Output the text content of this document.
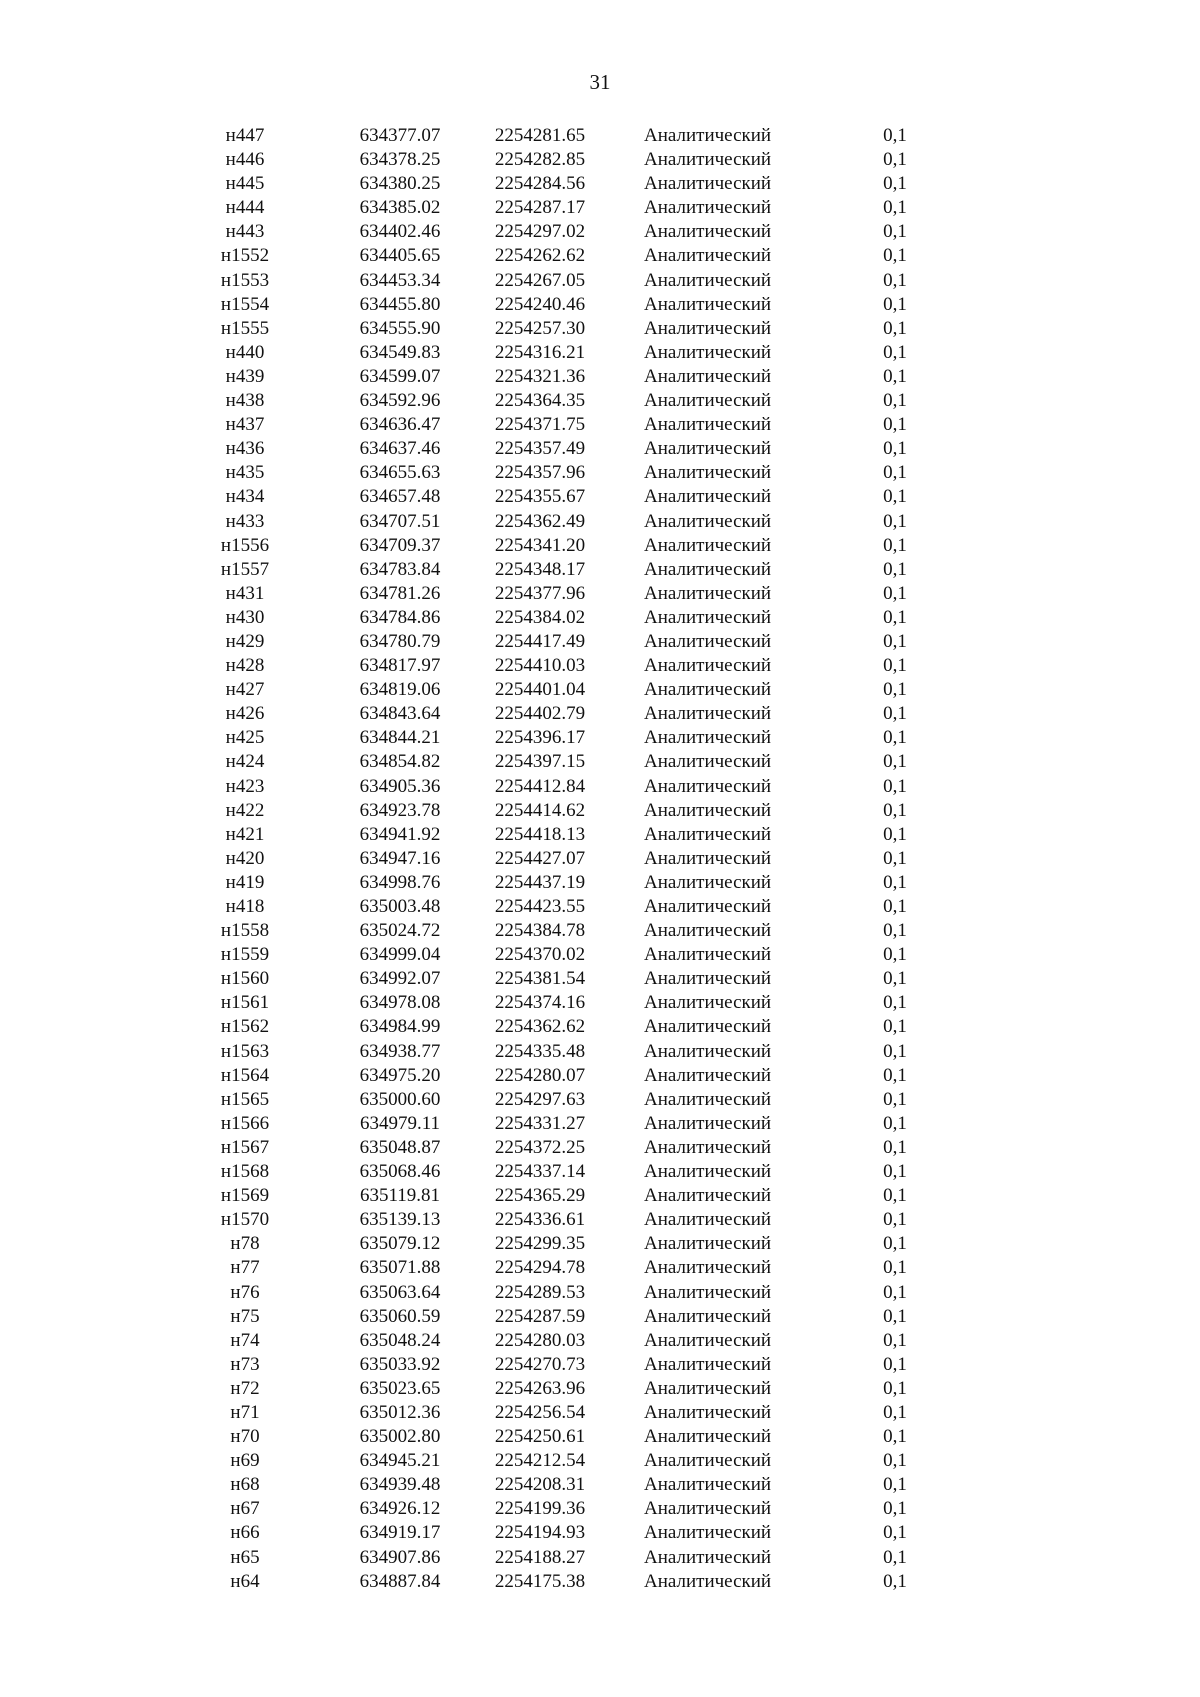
31
н447	634377.07	2254281.65	Аналитический	0,1
н446	634378.25	2254282.85	Аналитический	0,1
н445	634380.25	2254284.56	Аналитический	0,1
н444	634385.02	2254287.17	Аналитический	0,1
н443	634402.46	2254297.02	Аналитический	0,1
н1552	634405.65	2254262.62	Аналитический	0,1
н1553	634453.34	2254267.05	Аналитический	0,1
н1554	634455.80	2254240.46	Аналитический	0,1
н1555	634555.90	2254257.30	Аналитический	0,1
н440	634549.83	2254316.21	Аналитический	0,1
н439	634599.07	2254321.36	Аналитический	0,1
н438	634592.96	2254364.35	Аналитический	0,1
н437	634636.47	2254371.75	Аналитический	0,1
н436	634637.46	2254357.49	Аналитический	0,1
н435	634655.63	2254357.96	Аналитический	0,1
н434	634657.48	2254355.67	Аналитический	0,1
н433	634707.51	2254362.49	Аналитический	0,1
н1556	634709.37	2254341.20	Аналитический	0,1
н1557	634783.84	2254348.17	Аналитический	0,1
н431	634781.26	2254377.96	Аналитический	0,1
н430	634784.86	2254384.02	Аналитический	0,1
н429	634780.79	2254417.49	Аналитический	0,1
н428	634817.97	2254410.03	Аналитический	0,1
н427	634819.06	2254401.04	Аналитический	0,1
н426	634843.64	2254402.79	Аналитический	0,1
н425	634844.21	2254396.17	Аналитический	0,1
н424	634854.82	2254397.15	Аналитический	0,1
н423	634905.36	2254412.84	Аналитический	0,1
н422	634923.78	2254414.62	Аналитический	0,1
н421	634941.92	2254418.13	Аналитический	0,1
н420	634947.16	2254427.07	Аналитический	0,1
н419	634998.76	2254437.19	Аналитический	0,1
н418	635003.48	2254423.55	Аналитический	0,1
н1558	635024.72	2254384.78	Аналитический	0,1
н1559	634999.04	2254370.02	Аналитический	0,1
н1560	634992.07	2254381.54	Аналитический	0,1
н1561	634978.08	2254374.16	Аналитический	0,1
н1562	634984.99	2254362.62	Аналитический	0,1
н1563	634938.77	2254335.48	Аналитический	0,1
н1564	634975.20	2254280.07	Аналитический	0,1
н1565	635000.60	2254297.63	Аналитический	0,1
н1566	634979.11	2254331.27	Аналитический	0,1
н1567	635048.87	2254372.25	Аналитический	0,1
н1568	635068.46	2254337.14	Аналитический	0,1
н1569	635119.81	2254365.29	Аналитический	0,1
н1570	635139.13	2254336.61	Аналитический	0,1
н78	635079.12	2254299.35	Аналитический	0,1
н77	635071.88	2254294.78	Аналитический	0,1
н76	635063.64	2254289.53	Аналитический	0,1
н75	635060.59	2254287.59	Аналитический	0,1
н74	635048.24	2254280.03	Аналитический	0,1
н73	635033.92	2254270.73	Аналитический	0,1
н72	635023.65	2254263.96	Аналитический	0,1
н71	635012.36	2254256.54	Аналитический	0,1
н70	635002.80	2254250.61	Аналитический	0,1
н69	634945.21	2254212.54	Аналитический	0,1
н68	634939.48	2254208.31	Аналитический	0,1
н67	634926.12	2254199.36	Аналитический	0,1
н66	634919.17	2254194.93	Аналитический	0,1
н65	634907.86	2254188.27	Аналитический	0,1
н64	634887.84	2254175.38	Аналитический	0,1
